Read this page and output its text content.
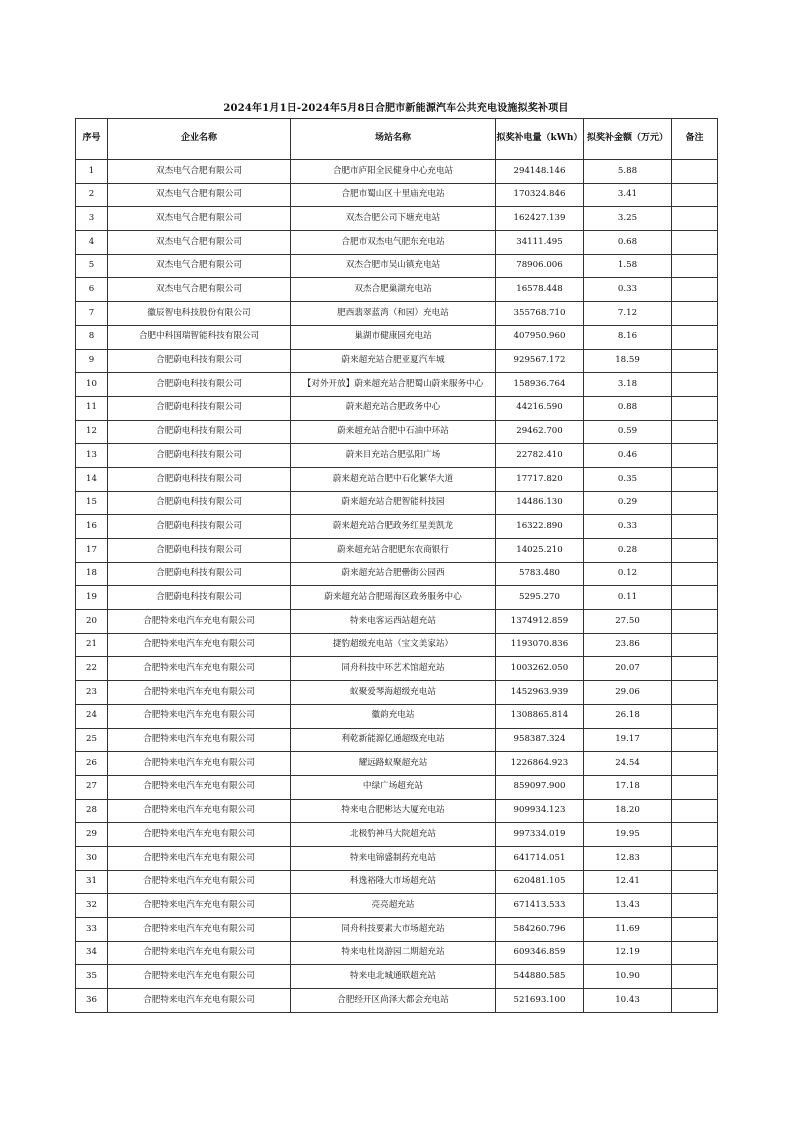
2024年1月1日-2024年5月8日合肥市新能源汽车公共充电设施拟奖补项目
序号	企业名称	场站名称	拟奖补电量（kWh）	拟奖补金额（万元）	备注
1	双杰电气合肥有限公司	合肥市庐阳全民健身中心充电站	294148.146	5.88	
2	双杰电气合肥有限公司	合肥市蜀山区十里庙充电站	170324.846	3.41	
3	双杰电气合肥有限公司	双杰合肥公司下塘充电站	162427.139	3.25	
4	双杰电气合肥有限公司	合肥市双杰电气肥东充电站	34111.495	0.68	
5	双杰电气合肥有限公司	双杰合肥市吴山镇充电站	78906.006	1.58	
6	双杰电气合肥有限公司	双杰合肥巢湖充电站	16578.448	0.33	
7	徽辰智电科技股份有限公司	肥西翡翠蓝湾（和园）充电站	355768.710	7.12	
8	合肥中科国瑞智能科技有限公司	巢湖市健康园充电站	407950.960	8.16	
9	合肥蔚电科技有限公司	蔚来超充站合肥亚夏汽车城	929567.172	18.59	
10	合肥蔚电科技有限公司	【对外开放】蔚来超充站合肥蜀山蔚来服务中心	158936.764	3.18	
11	合肥蔚电科技有限公司	蔚来超充站合肥政务中心	44216.590	0.88	
12	合肥蔚电科技有限公司	蔚来超充站合肥中石油中环站	29462.700	0.59	
13	合肥蔚电科技有限公司	蔚来目充站合肥弘阳广场	22782.410	0.46	
14	合肥蔚电科技有限公司	蔚来超充站合肥中石化繁华大道	17717.820	0.35	
15	合肥蔚电科技有限公司	蔚来超充站合肥智能科技园	14486.130	0.29	
16	合肥蔚电科技有限公司	蔚来超充站合肥政务红星美凯龙	16322.890	0.33	
17	合肥蔚电科技有限公司	蔚来超充站合肥肥东农商银行	14025.210	0.28	
18	合肥蔚电科技有限公司	蔚来超充站合肥罍街公园西	5783.480	0.12	
19	合肥蔚电科技有限公司	蔚来超充站合肥瑶海区政务服务中心	5295.270	0.11	
20	合肥特来电汽车充电有限公司	特来电客运西站超充站	1374912.859	27.50	
21	合肥特来电汽车充电有限公司	捷豹超级充电站（宝文美家站）	1193070.836	23.86	
22	合肥特来电汽车充电有限公司	同舟科技中环艺术馆超充站	1003262.050	20.07	
23	合肥特来电汽车充电有限公司	蚁聚爱琴海超级充电站	1452963.939	29.06	
24	合肥特来电汽车充电有限公司	徽韵充电站	1308865.814	26.18	
25	合肥特来电汽车充电有限公司	利乾新能源亿通超级充电站	958387.324	19.17	
26	合肥特来电汽车充电有限公司	耀远路蚁聚超充站	1226864.923	24.54	
27	合肥特来电汽车充电有限公司	中绿广场超充站	859097.900	17.18	
28	合肥特来电汽车充电有限公司	特来电合肥彬达大厦充电站	909934.123	18.20	
29	合肥特来电汽车充电有限公司	北极豹神马大院超充站	997334.019	19.95	
30	合肥特来电汽车充电有限公司	特来电锦盛制药充电站	641714.051	12.83	
31	合肥特来电汽车充电有限公司	科逸裕隆大市场超充站	620481.105	12.41	
32	合肥特来电汽车充电有限公司	亮亮超充站	671413.533	13.43	
33	合肥特来电汽车充电有限公司	同舟科技要素大市场超充站	584260.796	11.69	
34	合肥特来电汽车充电有限公司	特来电杜岗游园二期超充站	609346.859	12.19	
35	合肥特来电汽车充电有限公司	特来电北城通联超充站	544880.585	10.90	
36	合肥特来电汽车充电有限公司	合肥经开区尚泽大都会充电站	521693.100	10.43	
